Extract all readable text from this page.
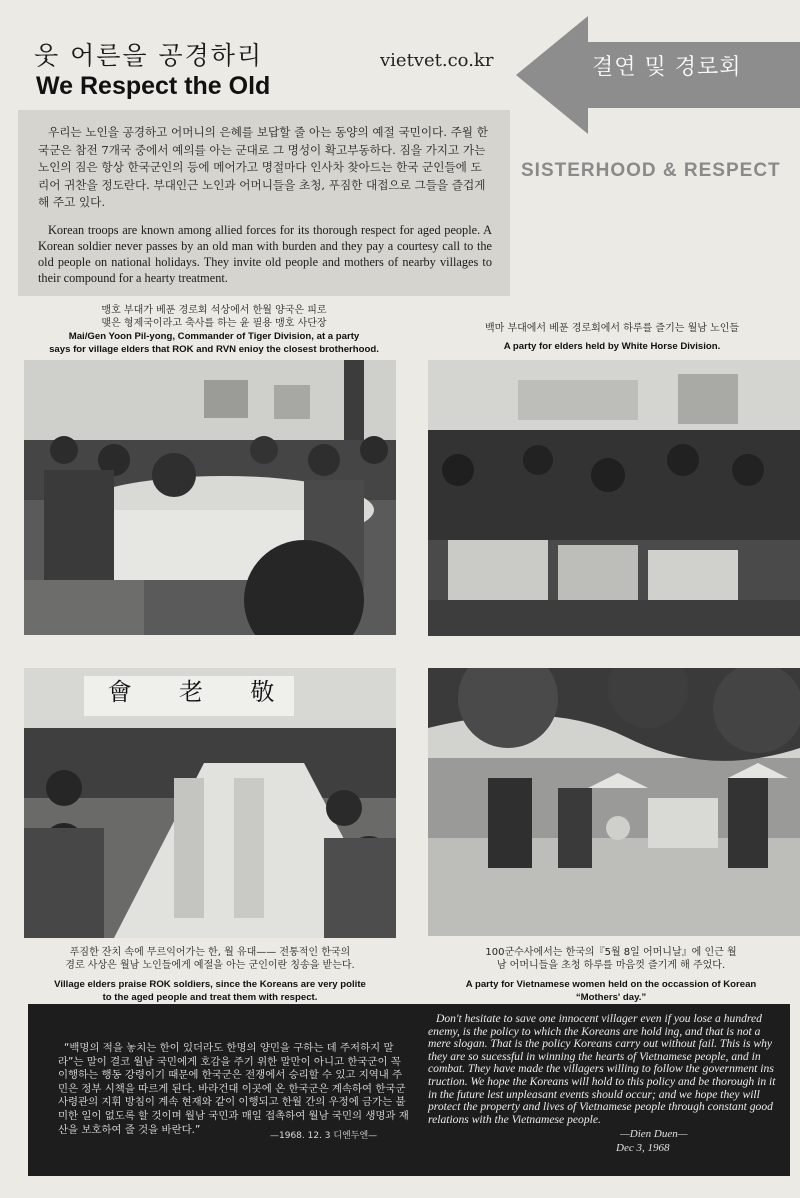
웃 어른을 공경하리
We Respect the Old
vietvet.co.kr	결연 및 경로회
SISTERHOOD & RESPECT
우리는 노인을 공경하고 어머니의 은혜를 보답할 줄 아는 동양의 예절 국민이다. 주월 한국군은 참전 7개국 중에서 예의를 아는 군대로 그 명성이 확고부동하다. 짐을 가지고 가는 노인의 짐은 항상 한국군인의 등에 메어가고 명절마다 인사차 찾아드는 한국 군인들에 도리어 귀찬을 정도란다. 부대인근 노인과 어머니들을 초청, 푸짐한 대접으로 그들을 즐겁게 해 주고 있다.
Korean troops are known among allied forces for its thorough respect for aged people. A Korean soldier never passes by an old man with burden and they pay a courtesy call to the old people on national holidays. They invite old people and mothers of nearby villages to their compound for a hearty treatment.
맹호 부대가 베푼 경로회 석상에서 한월 양국은 피로
맺은 형제국이라고 축사를 하는 윤 필용 맹호 사단장
Mai/Gen Yoon Pil-yong, Commander of Tiger Division, at a party
says for village elders that ROK and RVN enioy the closest brotherhood.
백마 부대에서 베푼 경로회에서 하루를 즐기는 월남 노인들
A party for elders held by White Horse Division.
會 老 敬
푸짐한 잔치 속에 무르익어가는 한, 월 유대—— 전통적인 한국의
경로 사상은 월남 노인들에게 예절을 아는 군인이란 칭송을 받는다.
Village elders praise ROK soldiers, since the Koreans are very polite
to the aged people and treat them with respect.
100군수사에서는 한국의『5월 8일 어머니날』에 인근 월
남 어머니들을 초청 하루를 마음껏 즐기게 해 주었다.
A party for Vietnamese women held on the occassion of Korean
“Mothers' day.”
“백명의 적을 놓치는 한이 있더라도 한명의 양민을 구하는 데 주저하지 말라”는 말이 결코 월남 국민에게 호감을 주기 위한 말만이 아니고 한국군이 꼭 이행하는 행동 강령이기 때문에 한국군은 전쟁에서 승리할 수 있고 지역내 주민은 정부 시책을 따르게 된다. 바라건대 이곳에 온 한국군은 계속하여 한국군 사령관의 지휘 방침이 계속 현재와 같이 이행되고 한월 간의 우정에 금가는 불미한 일이 없도록 할 것이며 월남 국민과 매일 접촉하여 월남 국민의 생명과 재산을 보호하여 줄 것을 바란다.”
—1968. 12. 3 디엔두엔—
Don't hesitate to save one innocent villager even if you lose a hundred enemy, is the policy to which the Koreans are hold ing, and that is not a mere slogan. That is the policy Koreans carry out without fail. This is why they are so sucessful in winning the hearts of Vietnamese people, and in combat. They have made the villagers willing to follow the government ins truction. We hope the Koreans will hold to this policy and be thorough in it in the future lest unpleasant events should occur; and we hope they will protect the property and lives of Vietnamese people through constant good relations with the Vietnamese people.
—Dien Duen—
Dec 3, 1968
